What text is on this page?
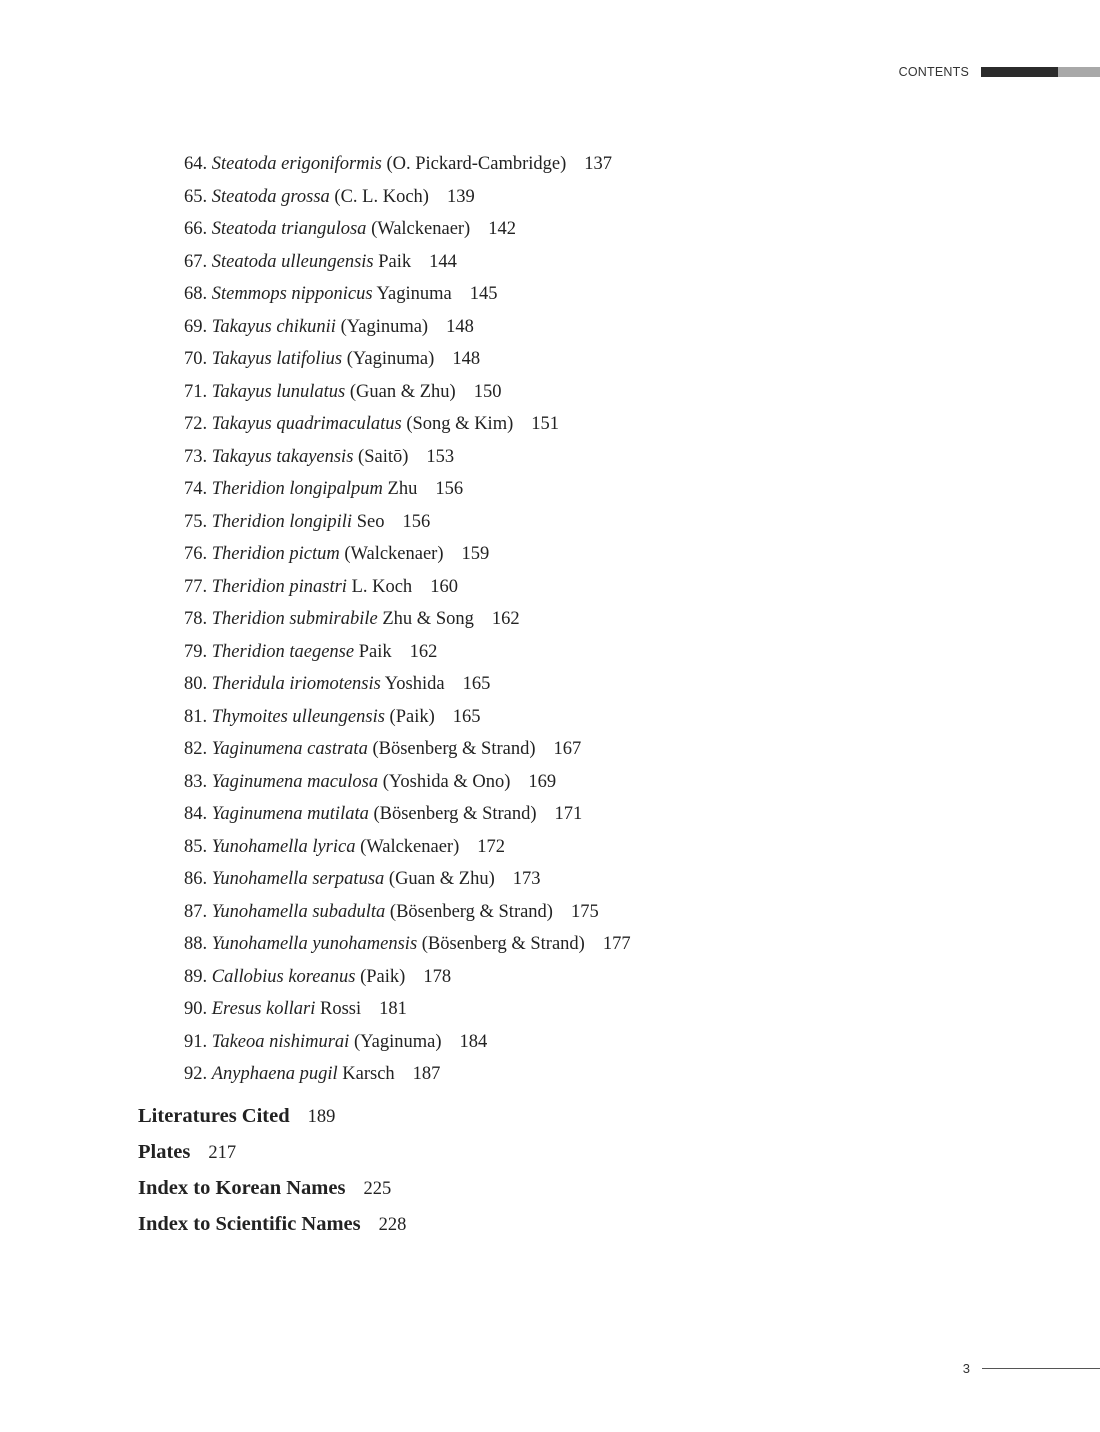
CONTENTS
64. Steatoda erigoniformis (O. Pickard-Cambridge) 137
65. Steatoda grossa (C. L. Koch) 139
66. Steatoda triangulosa (Walckenaer) 142
67. Steatoda ulleungensis Paik 144
68. Stemmops nipponicus Yaginuma 145
69. Takayus chikunii (Yaginuma) 148
70. Takayus latifolius (Yaginuma) 148
71. Takayus lunulatus (Guan & Zhu) 150
72. Takayus quadrimaculatus (Song & Kim) 151
73. Takayus takayensis (Saitō) 153
74. Theridion longipalpum Zhu 156
75. Theridion longipili Seo 156
76. Theridion pictum (Walckenaer) 159
77. Theridion pinastri L. Koch 160
78. Theridion submirabile Zhu & Song 162
79. Theridion taegense Paik 162
80. Theridula iriomotensis Yoshida 165
81. Thymoites ulleungensis (Paik) 165
82. Yaginumena castrata (Bösenberg & Strand) 167
83. Yaginumena maculosa (Yoshida & Ono) 169
84. Yaginumena mutilata (Bösenberg & Strand) 171
85. Yunohamella lyrica (Walckenaer) 172
86. Yunohamella serpatusa (Guan & Zhu) 173
87. Yunohamella subadulta (Bösenberg & Strand) 175
88. Yunohamella yunohamensis (Bösenberg & Strand) 177
89. Callobius koreanus (Paik) 178
90. Eresus kollari Rossi 181
91. Takeoa nishimurai (Yaginuma) 184
92. Anyphaena pugil Karsch 187
Literatures Cited 189
Plates 217
Index to Korean Names 225
Index to Scientific Names 228
3
